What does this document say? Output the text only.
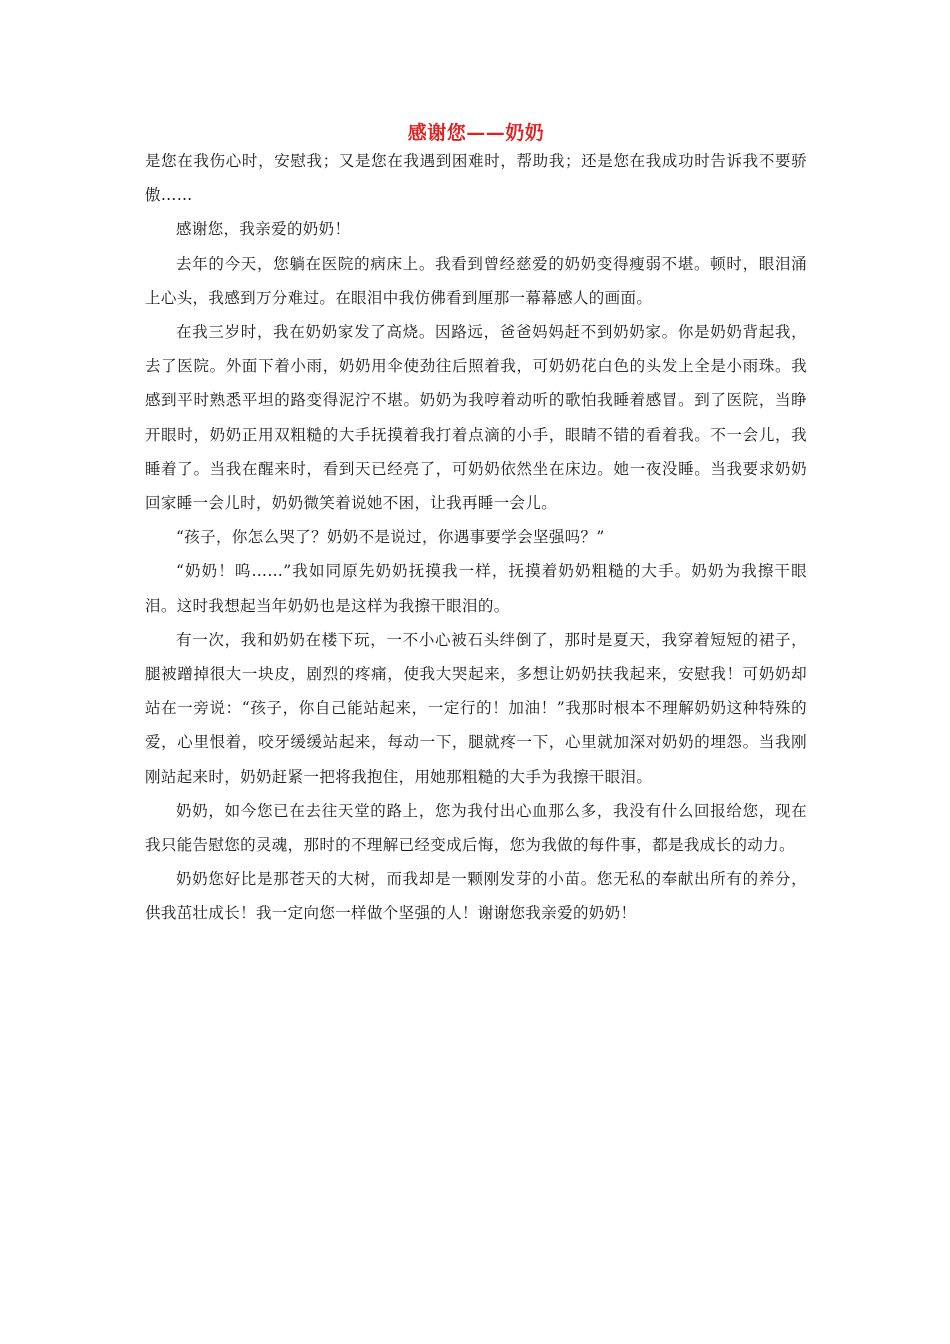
感谢您——奶奶

是您在我伤心时，安慰我；又是您在我遇到困难时，帮助我；还是您在我成功时告诉我不要骄傲……

感谢您，我亲爱的奶奶！

去年的今天，您躺在医院的病床上。我看到曾经慈爱的奶奶变得瘦弱不堪。顿时，眼泪涌上心头，我感到万分难过。在眼泪中我仿佛看到厘那一幕幕感人的画面。

在我三岁时，我在奶奶家发了高烧。因路远，爸爸妈妈赶不到奶奶家。你是奶奶背起我，去了医院。外面下着小雨，奶奶用伞使劲往后照着我，可奶奶花白色的头发上全是小雨珠。我感到平时熟悉平坦的路变得泥泞不堪。奶奶为我哼着动听的歌怕我睡着感冒。到了医院，当睁开眼时，奶奶正用双粗糙的大手抚摸着我打着点滴的小手，眼睛不错的看着我。不一会儿，我睡着了。当我在醒来时，看到天已经亮了，可奶奶依然坐在床边。她一夜没睡。当我要求奶奶回家睡一会儿时，奶奶微笑着说她不困，让我再睡一会儿。

“孩子，你怎么哭了？奶奶不是说过，你遇事要学会坚强吗？”

“奶奶！呜……”我如同原先奶奶抚摸我一样，抚摸着奶奶粗糙的大手。奶奶为我擦干眼泪。这时我想起当年奶奶也是这样为我擦干眼泪的。

有一次，我和奶奶在楼下玩，一不小心被石头绊倒了，那时是夏天，我穿着短短的裙子，腿被蹭掉很大一块皮，剧烈的疼痛，使我大哭起来，多想让奶奶扶我起来，安慰我！可奶奶却站在一旁说：“孩子，你自己能站起来，一定行的！加油！”我那时根本不理解奶奶这种特殊的爱，心里恨着，咬牙缓缓站起来，每动一下，腿就疼一下，心里就加深对奶奶的埋怨。当我刚刚站起来时，奶奶赶紧一把将我抱住，用她那粗糙的大手为我擦干眼泪。

奶奶，如今您已在去往天堂的路上，您为我付出心血那么多，我没有什么回报给您，现在我只能告慰您的灵魂，那时的不理解已经变成后悔，您为我做的每件事，都是我成长的动力。

奶奶您好比是那苍天的大树，而我却是一颗刚发芽的小苗。您无私的奉献出所有的养分，供我茁壮成长！我一定向您一样做个坚强的人！谢谢您我亲爱的奶奶！
